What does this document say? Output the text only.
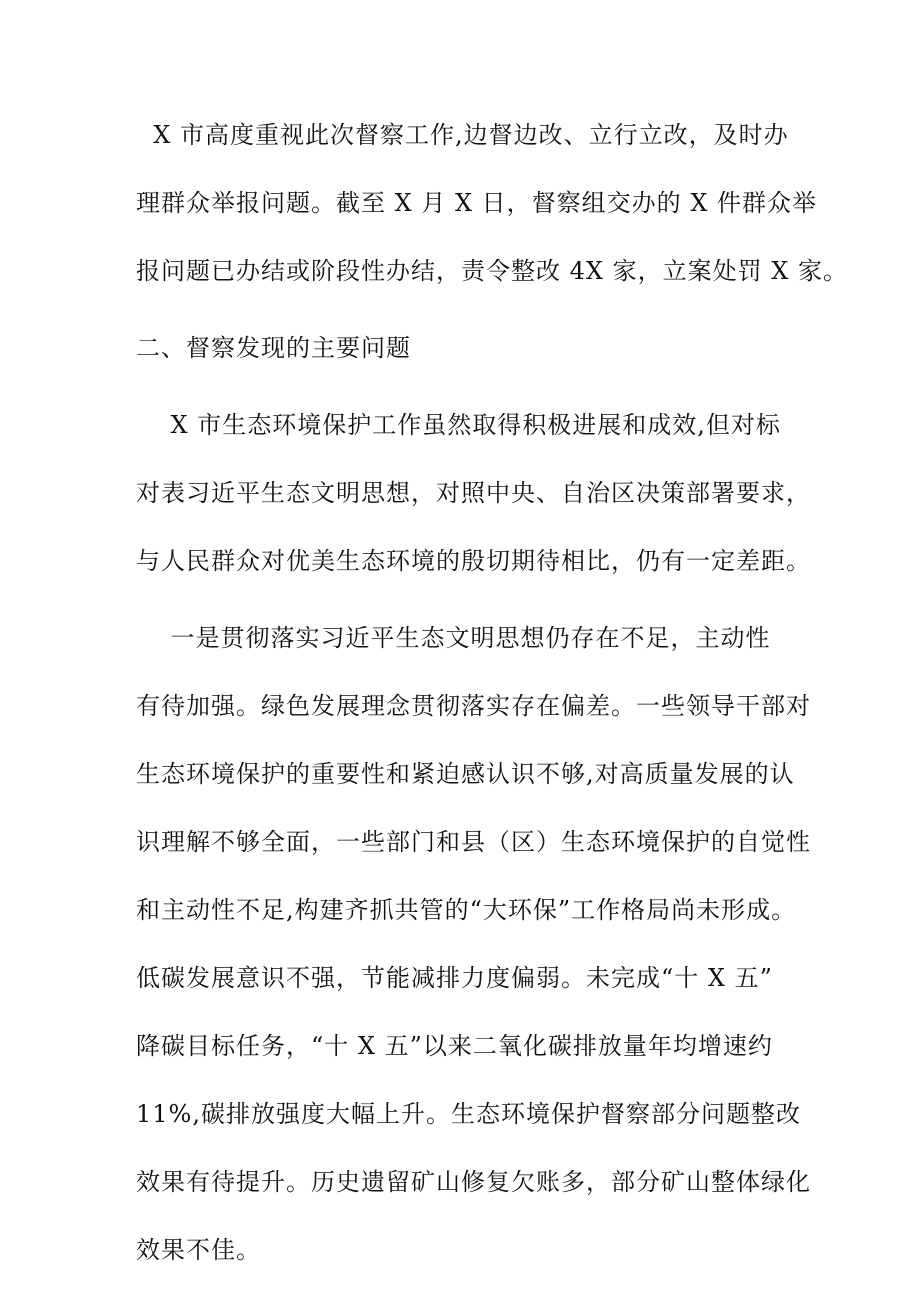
X 市高度重视此次督察工作,边督边改、立行立改，及时办

理群众举报问题。截至 X 月 X 日，督察组交办的 X 件群众举

报问题已办结或阶段性办结，责令整改 4X 家，立案处罚 X 家。

二、督察发现的主要问题

X 市生态环境保护工作虽然取得积极进展和成效,但对标

对表习近平生态文明思想，对照中央、自治区决策部署要求，

与人民群众对优美生态环境的殷切期待相比，仍有一定差距。

一是贯彻落实习近平生态文明思想仍存在不足，主动性

有待加强。绿色发展理念贯彻落实存在偏差。一些领导干部对

生态环境保护的重要性和紧迫感认识不够,对高质量发展的认

识理解不够全面，一些部门和县（区）生态环境保护的自觉性

和主动性不足,构建齐抓共管的“大环保”工作格局尚未形成。

低碳发展意识不强，节能减排力度偏弱。未完成“十 X 五”

降碳目标任务，“十 X 五”以来二氧化碳排放量年均增速约

11%,碳排放强度大幅上升。生态环境保护督察部分问题整改

效果有待提升。历史遗留矿山修复欠账多，部分矿山整体绿化

效果不佳。
